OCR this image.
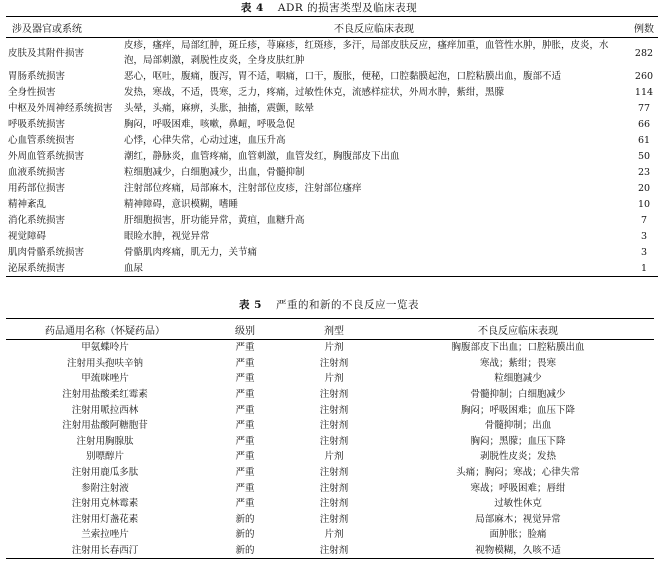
表 4 ADR 的损害类型及临床表现
涉及器官或系统	不良反应临床表现	例数
皮肤及其附件损害	皮疹，瘙痒，局部红肿，斑丘疹，荨麻疹，红斑疹，多汗，局部皮肤反应，瘙痒加重，血管性水肿，肿胀，皮炎，水泡，局部刺激，剥脱性皮炎，全身皮肤红肿	282
胃肠系统损害	恶心，呕吐，腹痛，腹泻，胃不适，咽痛，口干，腹胀，便秘，口腔黏膜起泡，口腔粘膜出血，腹部不适	260
全身性损害	发热，寒战，不适，畏寒，乏力，疼痛，过敏性休克，流感样症状，外周水肿，紫绀，黑朦	114
中枢及外周神经系统损害	头晕，头痛，麻痹，头胀，抽搐，震颤，眩晕	77
呼吸系统损害	胸闷，呼吸困难，咳嗽，鼻衄，呼吸急促	66
心血管系统损害	心悸，心律失常，心动过速，血压升高	61
外周血管系统损害	潮红，静脉炎，血管疼痛，血管刺激，血管发红，胸腹部皮下出血	50
血液系统损害	粒细胞减少，白细胞减少，出血，骨髓抑制	23
用药部位损害	注射部位疼痛，局部麻木，注射部位皮疹，注射部位瘙痒	20
精神紊乱	精神障碍，意识模糊，嗜睡	10
消化系统损害	肝细胞损害，肝功能异常，黄疸，血糖升高	7
视觉障碍	眼睑水肿，视觉异常	3
肌肉骨骼系统损害	骨骼肌肉疼痛，肌无力，关节痛	3
泌尿系统损害	血尿	1
表 5 严重的和新的不良反应一览表
药品通用名称（怀疑药品）	级别	剂型	不良反应临床表现
甲氨蝶呤片	严重	片剂	胸腹部皮下出血；口腔粘膜出血
注射用头孢呋辛钠	严重	注射剂	寒战；紫绀；畏寒
甲巯咪唑片	严重	片剂	粒细胞减少
注射用盐酸柔红霉素	严重	注射剂	骨髓抑制；白细胞减少
注射用哌拉西林	严重	注射剂	胸闷；呼吸困难；血压下降
注射用盐酸阿糖胞苷	严重	注射剂	骨髓抑制；出血
注射用胸腺肽	严重	注射剂	胸闷；黑朦；血压下降
别嘌醇片	严重	片剂	剥脱性皮炎；发热
注射用鹿瓜多肽	严重	注射剂	头痛；胸闷；寒战；心律失常
参附注射液	严重	注射剂	寒战；呼吸困难；唇绀
注射用克林霉素	严重	注射剂	过敏性休克
注射用灯盏花素	新的	注射剂	局部麻木；视觉异常
兰索拉唑片	新的	片剂	面肿胀；脸痛
注射用长春西汀	新的	注射剂	视物模糊，久咳不适
